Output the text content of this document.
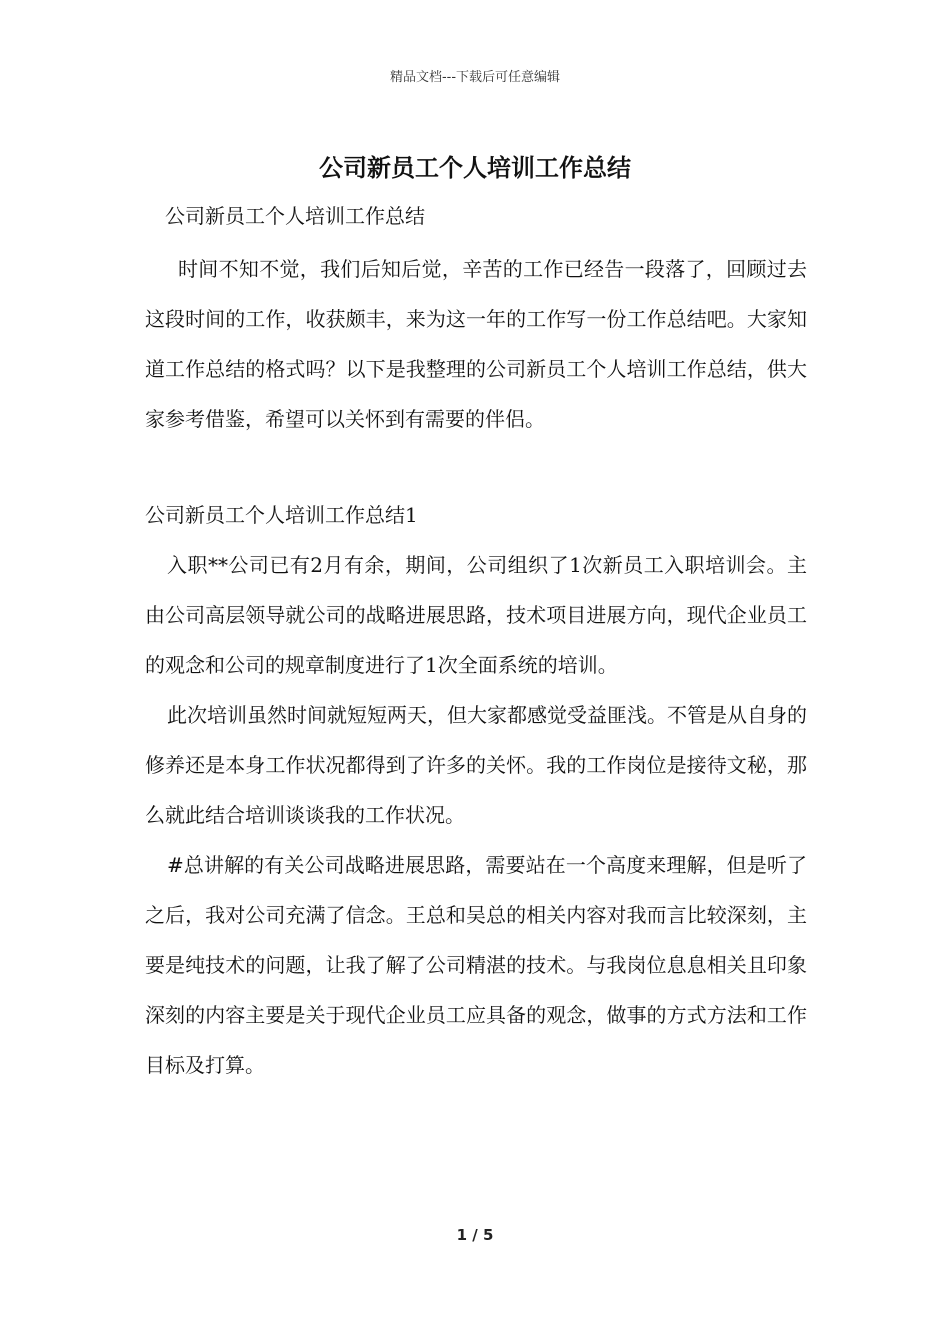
精品文档---下载后可任意编辑
公司新员工个人培训工作总结

公司新员工个人培训工作总结

时间不知不觉，我们后知后觉，辛苦的工作已经告一段落了，回顾过去这段时间的工作，收获颇丰，来为这一年的工作写一份工作总结吧。大家知道工作总结的格式吗？以下是我整理的公司新员工个人培训工作总结，供大家参考借鉴，希望可以关怀到有需要的伴侣。

公司新员工个人培训工作总结1

入职**公司已有2月有余，期间，公司组织了1次新员工入职培训会。主由公司高层领导就公司的战略进展思路，技术项目进展方向，现代企业员工的观念和公司的规章制度进行了1次全面系统的培训。

此次培训虽然时间就短短两天，但大家都感觉受益匪浅。不管是从自身的修养还是本身工作状况都得到了许多的关怀。我的工作岗位是接待文秘，那么就此结合培训谈谈我的工作状况。

#总讲解的有关公司战略进展思路，需要站在一个高度来理解，但是听了之后，我对公司充满了信念。王总和吴总的相关内容对我而言比较深刻，主要是纯技术的问题，让我了解了公司精湛的技术。与我岗位息息相关且印象深刻的内容主要是关于现代企业员工应具备的观念，做事的方式方法和工作目标及打算。

1 / 5
